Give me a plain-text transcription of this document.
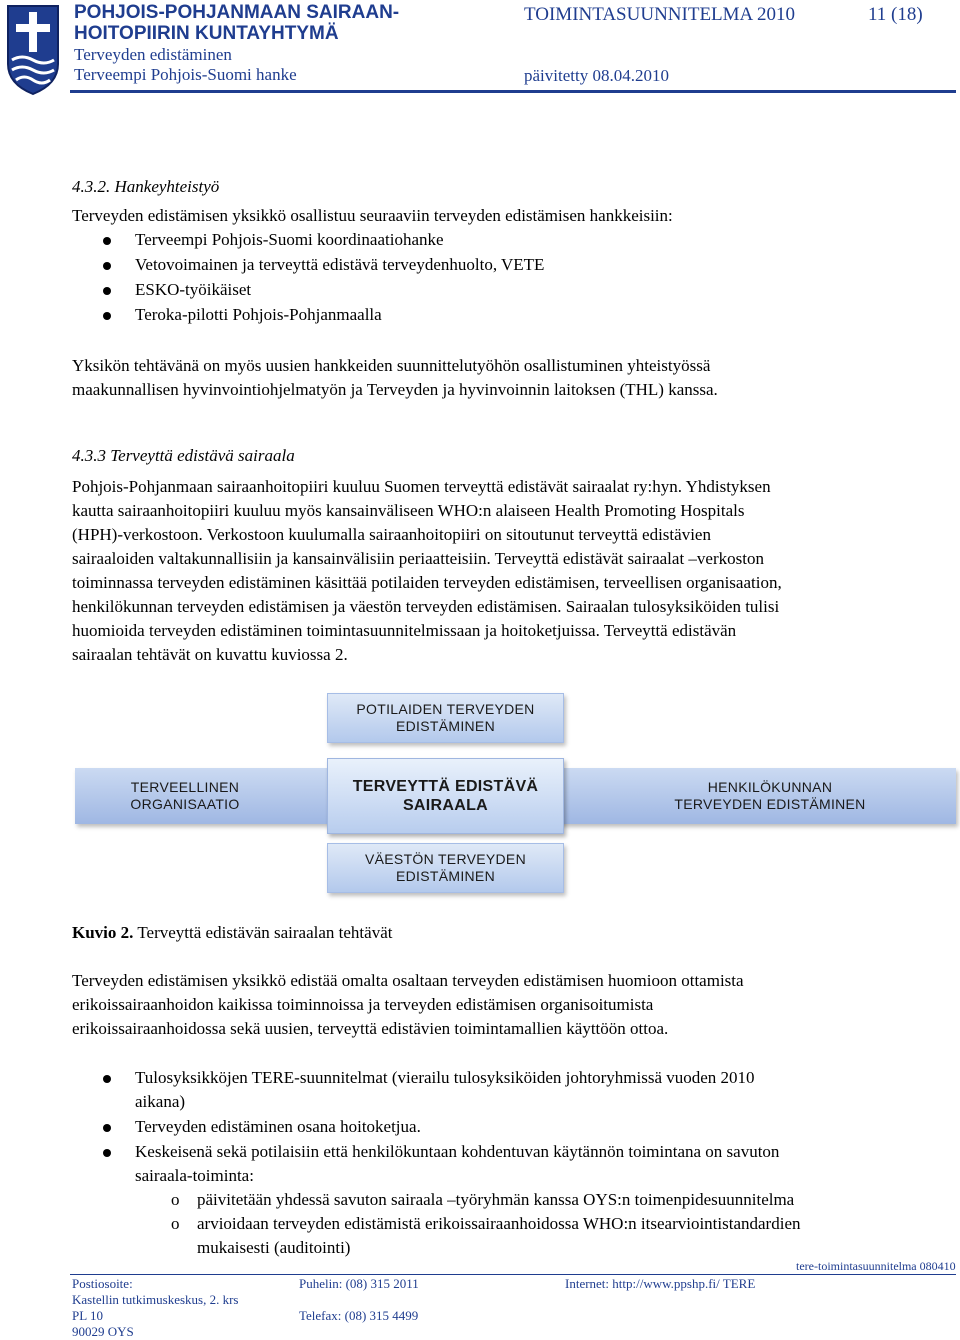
POHJOIS-POHJANMAAN SAIRAAN-
HOITOPIIRIN KUNTAYHTYMÄ
Terveyden edistäminen
Terveempi Pohjois-Suomi hanke
TOIMINTASUUNNITELMA 2010	11 (18)
päivitetty 08.04.2010
4.3.2. Hankeyhteistyö
Terveyden edistämisen yksikkö osallistuu seuraaviin terveyden edistämisen hankkeisiin:
Terveempi Pohjois-Suomi koordinaatiohanke
Vetovoimainen ja terveyttä edistävä terveydenhuolto, VETE
ESKO-työikäiset
Teroka-pilotti Pohjois-Pohjanmaalla
Yksikön tehtävänä on myös uusien hankkeiden suunnittelutyöhön osallistuminen yhteistyössä
maakunnallisen hyvinvointiohjelmatyön ja Terveyden ja hyvinvoinnin laitoksen (THL) kanssa.
4.3.3 Terveyttä edistävä sairaala
Pohjois-Pohjanmaan sairaanhoitopiiri kuuluu Suomen terveyttä edistävät sairaalat ry:hyn. Yhdistyksen
kautta sairaanhoitopiiri kuuluu myös kansainväliseen WHO:n alaiseen Health Promoting Hospitals
(HPH)-verkostoon. Verkostoon kuulumalla sairaanhoitopiiri on sitoutunut terveyttä edistävien
sairaaloiden valtakunnallisiin ja kansainvälisiin periaatteisiin. Terveyttä edistävät sairaalat –verkoston
toiminnassa terveyden edistäminen käsittää potilaiden terveyden edistämisen, terveellisen organisaation,
henkilökunnan terveyden edistämisen ja väestön terveyden edistämisen. Sairaalan tulosyksiköiden tulisi
huomioida terveyden edistäminen toimintasuunnitelmissaan ja hoitoketjuissa. Terveyttä edistävän
sairaalan tehtävät on kuvattu kuviossa 2.
POTILAIDEN TERVEYDEN
EDISTÄMINEN
TERVEELLINEN
ORGANISAATIO
TERVEYTTÄ EDISTÄVÄ
SAIRAALA
HENKILÖKUNNAN
TERVEYDEN EDISTÄMINEN
VÄESTÖN TERVEYDEN
EDISTÄMINEN
Kuvio 2. Terveyttä edistävän sairaalan tehtävät
Terveyden edistämisen yksikkö edistää omalta osaltaan terveyden edistämisen huomioon ottamista
erikoissairaanhoidon kaikissa toiminnoissa ja terveyden edistämisen organisoitumista
erikoissairaanhoidossa sekä uusien, terveyttä edistävien toimintamallien käyttöön ottoa.
Tulosyksikköjen TERE-suunnitelmat (vierailu tulosyksiköiden johtoryhmissä vuoden 2010
aikana)
Terveyden edistäminen osana hoitoketjua.
Keskeisenä sekä potilaisiin että henkilökuntaan kohdentuvan käytännön toimintana on savuton
sairaala-toiminta:
o päivitetään yhdessä savuton sairaala –työryhmän kanssa OYS:n toimenpidesuunnitelma
o arvioidaan terveyden edistämistä erikoissairaanhoidossa WHO:n itsearviointistandardien
mukaisesti (auditointi)
tere-toimintasuunnitelma 080410
Postiosoite:
Kastellin tutkimuskeskus, 2. krs
PL 10
90029 OYS
Puhelin: (08) 315 2011
Telefax: (08) 315 4499
Internet: http://www.ppshp.fi/ TERE
